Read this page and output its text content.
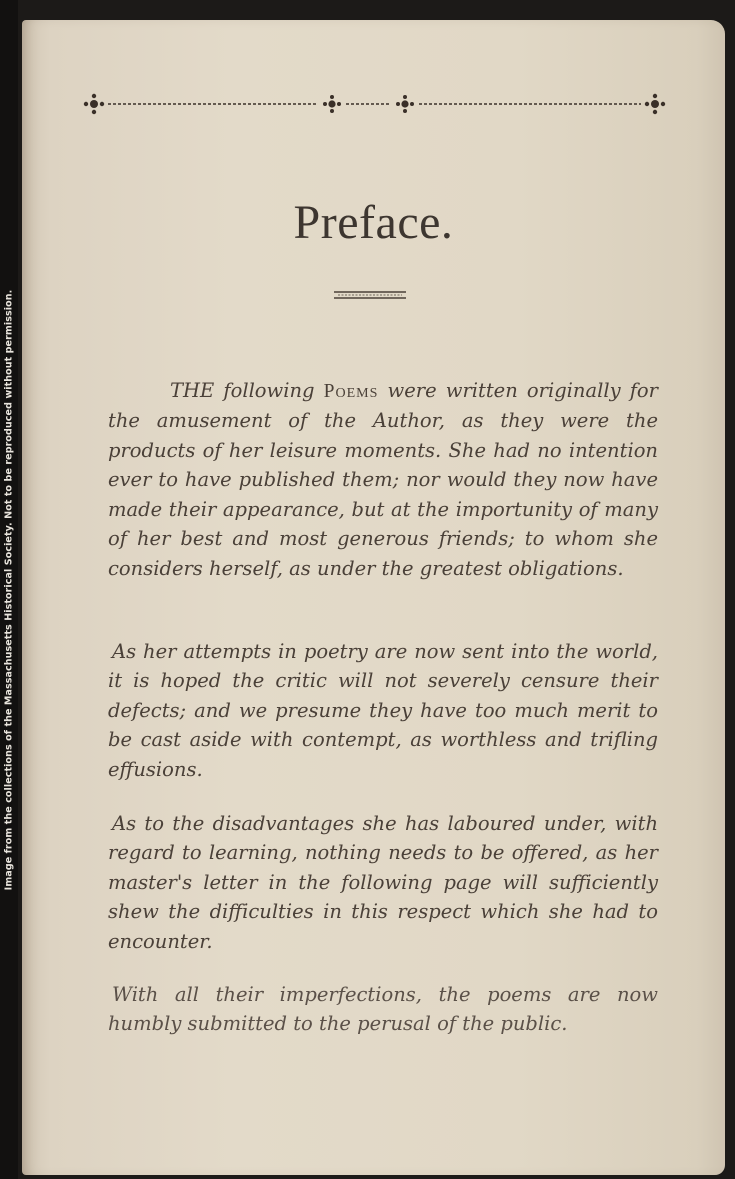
Image from the collections of the Massachusetts Historical Society. Not to be reproduced without permission.
Preface.

THE following Poems were written originally for the amusement of the Author, as they were the products of her leisure moments. She had no intention ever to have published them; nor would they now have made their appearance, but at the importunity of many of her best and most generous friends; to whom she considers herself, as under the greatest obligations.

As her attempts in poetry are now sent into the world, it is hoped the critic will not severely censure their defects; and we presume they have too much merit to be cast aside with contempt, as worthless and trifling effusions.

As to the disadvantages she has laboured under, with regard to learning, nothing needs to be offered, as her master's letter in the following page will sufficiently shew the difficulties in this respect which she had to encounter.

With all their imperfections, the poems are now humbly submitted to the perusal of the public.
